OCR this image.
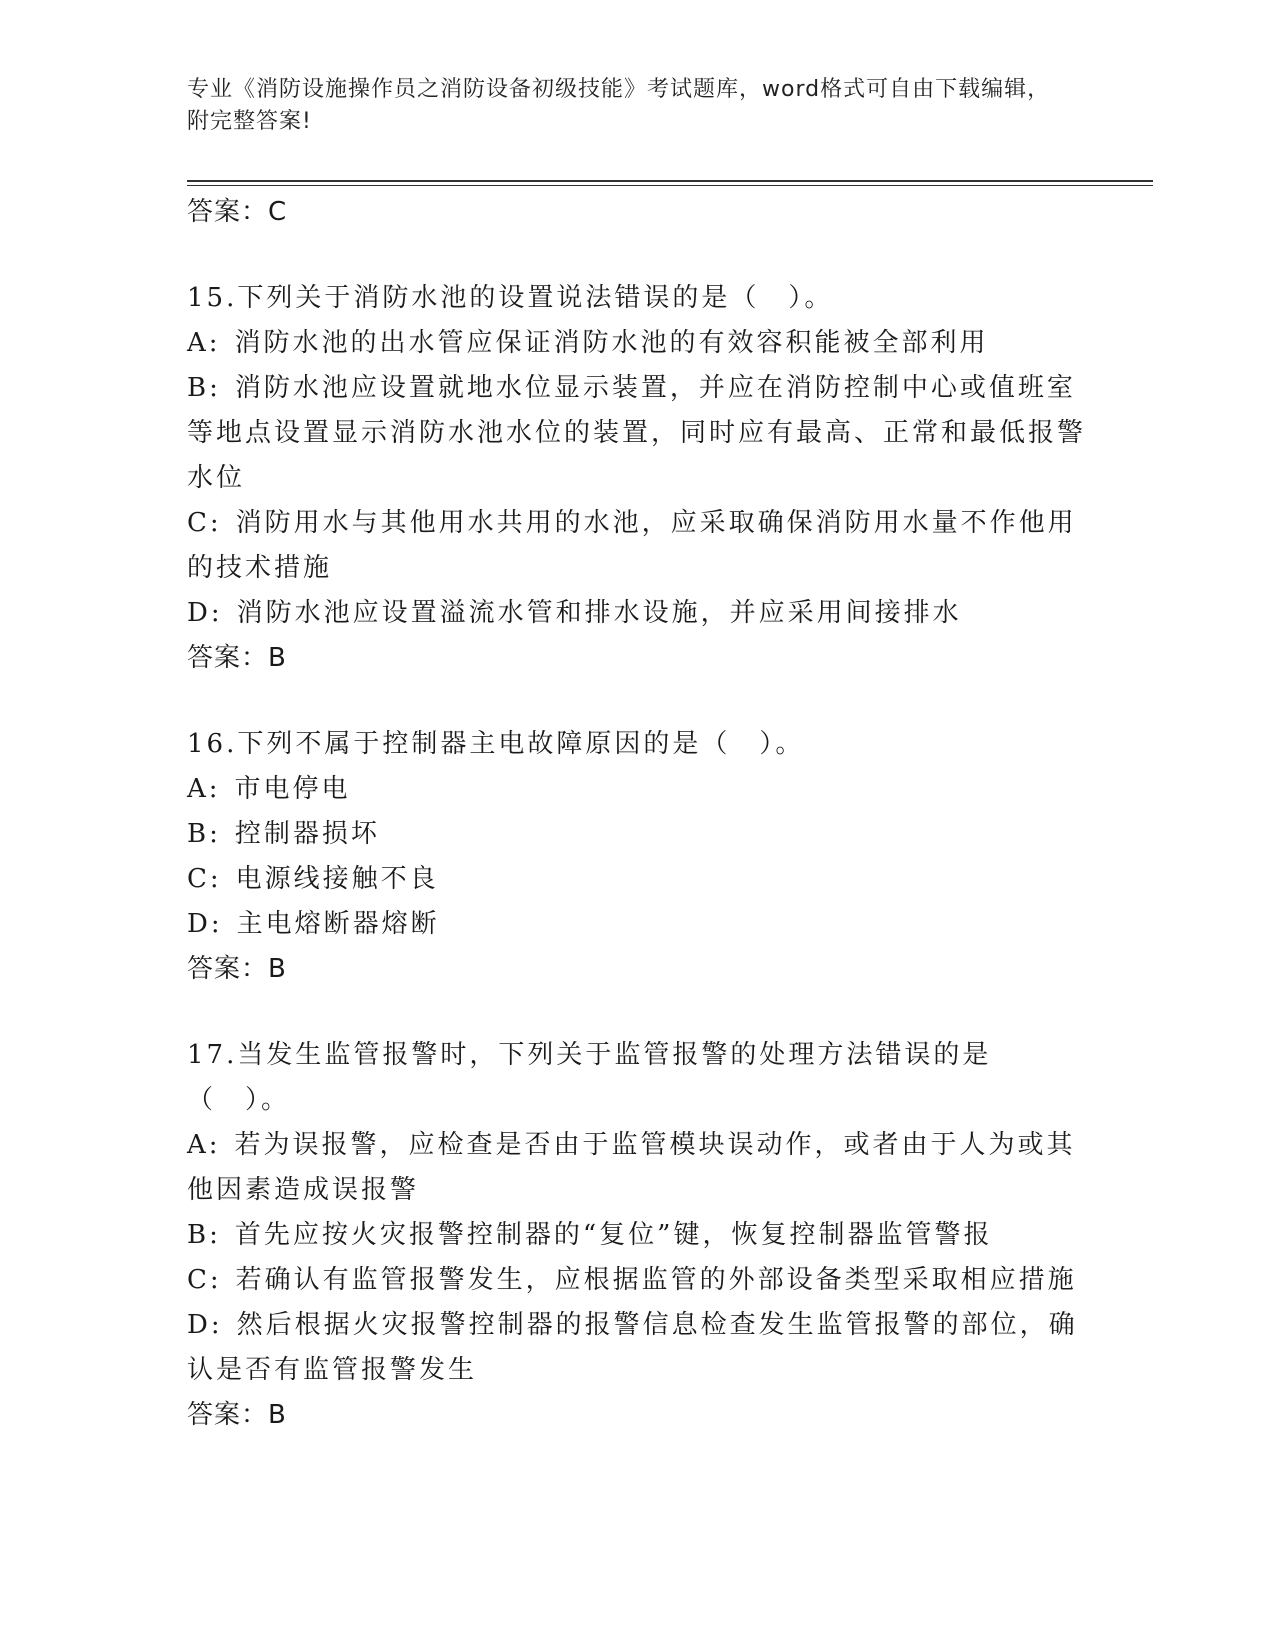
专业《消防设施操作员之消防设备初级技能》考试题库，word格式可自由下载编辑，附完整答案!
答案：C
15.下列关于消防水池的设置说法错误的是（　）。
A: 消防水池的出水管应保证消防水池的有效容积能被全部利用
B: 消防水池应设置就地水位显示装置，并应在消防控制中心或值班室等地点设置显示消防水池水位的装置，同时应有最高、正常和最低报警水位
C: 消防用水与其他用水共用的水池，应采取确保消防用水量不作他用的技术措施
D: 消防水池应设置溢流水管和排水设施，并应采用间接排水
答案：B
16.下列不属于控制器主电故障原因的是（　）。
A: 市电停电
B: 控制器损坏
C: 电源线接触不良
D: 主电熔断器熔断
答案：B
17.当发生监管报警时，下列关于监管报警的处理方法错误的是（　）。
A: 若为误报警，应检查是否由于监管模块误动作，或者由于人为或其他因素造成误报警
B: 首先应按火灾报警控制器的“复位”键，恢复控制器监管警报
C: 若确认有监管报警发生，应根据监管的外部设备类型采取相应措施
D: 然后根据火灾报警控制器的报警信息检查发生监管报警的部位，确认是否有监管报警发生
答案：B
